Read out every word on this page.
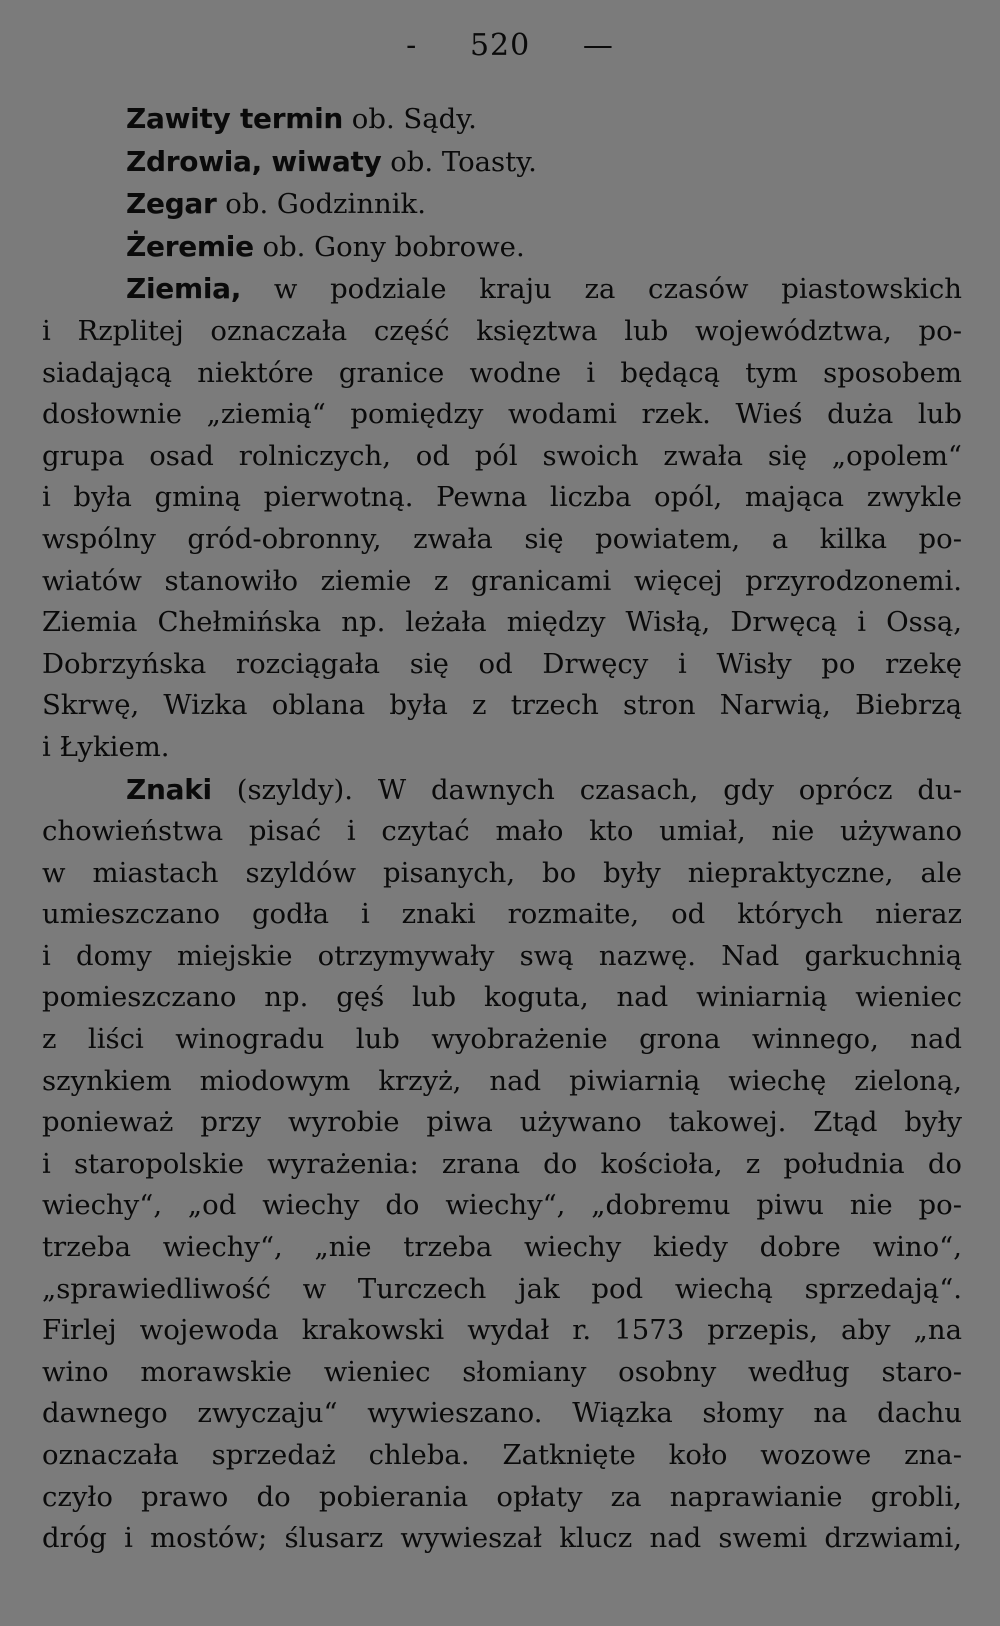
- 520 —
Zawity termin ob. Sądy.
Zdrowia, wiwaty ob. Toasty.
Zegar ob. Godzinnik.
Żeremie ob. Gony bobrowe.
Ziemia, w podziale kraju za czasów piastowskich
i Rzplitej oznaczała część księztwa lub województwa, po-
siadającą niektóre granice wodne i będącą tym sposobem
dosłownie „ziemią“ pomiędzy wodami rzek. Wieś duża lub
grupa osad rolniczych, od pól swoich zwała się „opolem“
i była gminą pierwotną. Pewna liczba opól, mająca zwykle
wspólny gród-obronny, zwała się powiatem, a kilka po-
wiatów stanowiło ziemie z granicami więcej przyrodzonemi.
Ziemia Chełmińska np. leżała między Wisłą, Drwęcą i Ossą,
Dobrzyńska rozciągała się od Drwęcy i Wisły po rzekę
Skrwę, Wizka oblana była z trzech stron Narwią, Biebrzą
i Łykiem.
Znaki (szyldy). W dawnych czasach, gdy oprócz du-
chowieństwa pisać i czytać mało kto umiał, nie używano
w miastach szyldów pisanych, bo były niepraktyczne, ale
umieszczano godła i znaki rozmaite, od których nieraz
i domy miejskie otrzymywały swą nazwę. Nad garkuchnią
pomieszczano np. gęś lub koguta, nad winiarnią wieniec
z liści winogradu lub wyobrażenie grona winnego, nad
szynkiem miodowym krzyż, nad piwiarnią wiechę zieloną,
ponieważ przy wyrobie piwa używano takowej. Ztąd były
i staropolskie wyrażenia: zrana do kościoła, z południa do
wiechy“, „od wiechy do wiechy“, „dobremu piwu nie po-
trzeba wiechy“, „nie trzeba wiechy kiedy dobre wino“,
„sprawiedliwość w Turczech jak pod wiechą sprzedają“.
Firlej wojewoda krakowski wydał r. 1573 przepis, aby „na
wino morawskie wieniec słomiany osobny według staro-
dawnego zwyczaju“ wywieszano. Wiązka słomy na dachu
oznaczała sprzedaż chleba. Zatknięte koło wozowe zna-
czyło prawo do pobierania opłaty za naprawianie grobli,
dróg i mostów; ślusarz wywieszał klucz nad swemi drzwiami,
